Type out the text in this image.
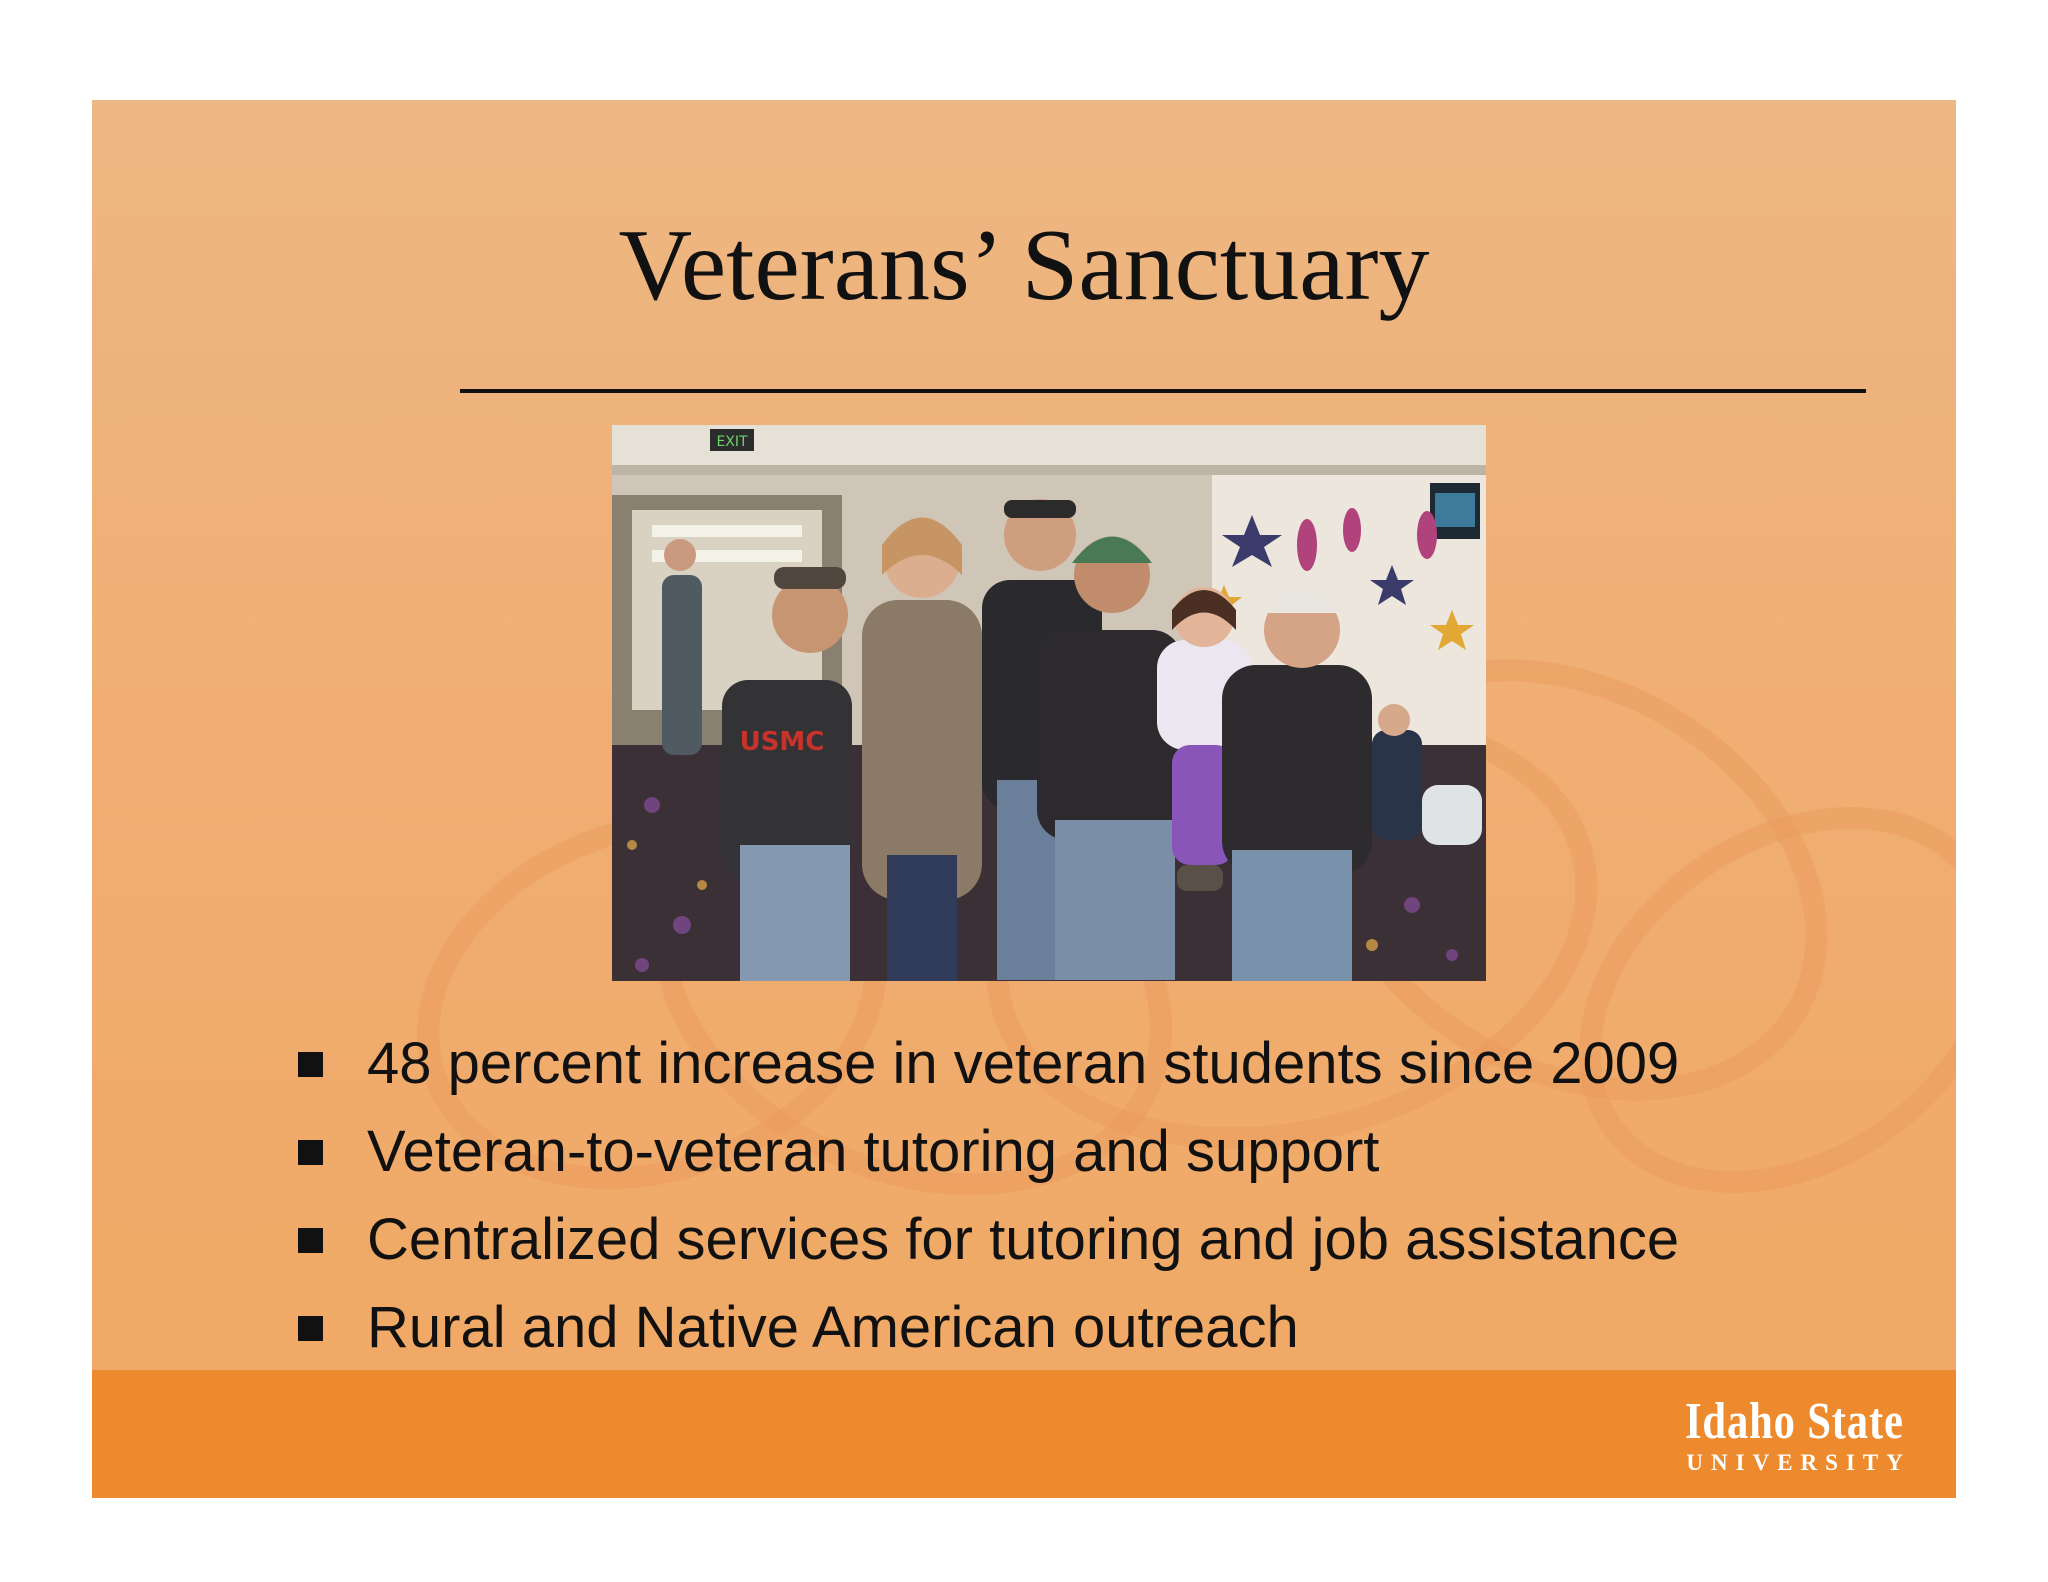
Veterans’ Sanctuary
EXIT
USMC
48 percent increase in veteran students since 2009
Veteran-to-veteran tutoring and support
Centralized services for tutoring and job assistance
Rural and Native American outreach
Idaho State
UNIVERSITY
